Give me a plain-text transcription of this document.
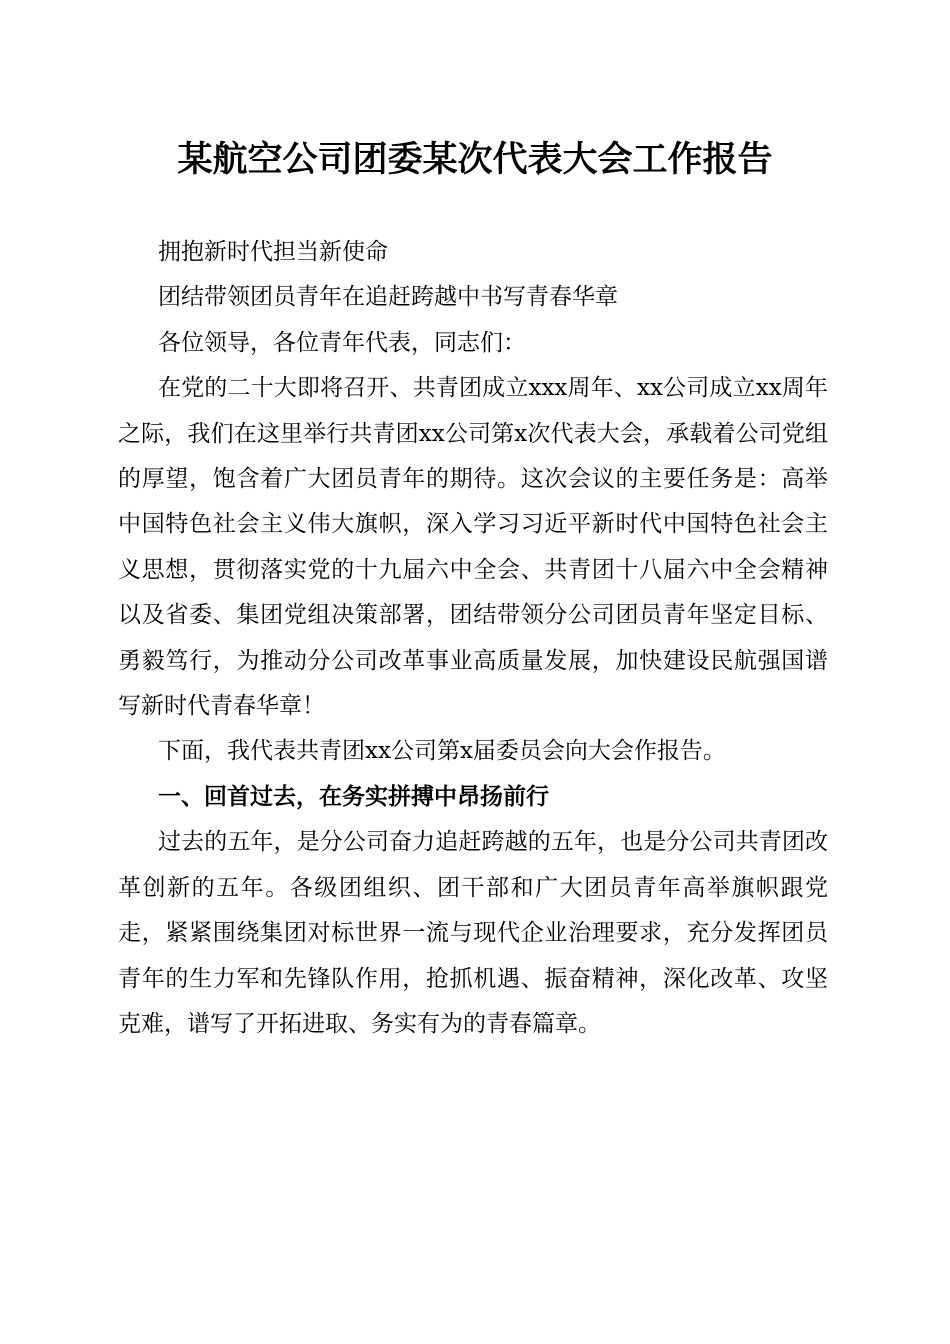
某航空公司团委某次代表大会工作报告

拥抱新时代担当新使命

团结带领团员青年在追赶跨越中书写青春华章

各位领导，各位青年代表，同志们：

在党的二十大即将召开、共青团成立xxx周年、xx公司成立xx周年之际，我们在这里举行共青团xx公司第x次代表大会，承载着公司党组的厚望，饱含着广大团员青年的期待。这次会议的主要任务是：高举中国特色社会主义伟大旗帜，深入学习习近平新时代中国特色社会主义思想，贯彻落实党的十九届六中全会、共青团十八届六中全会精神以及省委、集团党组决策部署，团结带领分公司团员青年坚定目标、勇毅笃行，为推动分公司改革事业高质量发展，加快建设民航强国谱写新时代青春华章！

下面，我代表共青团xx公司第x届委员会向大会作报告。

一、回首过去，在务实拼搏中昂扬前行

过去的五年，是分公司奋力追赶跨越的五年，也是分公司共青团改革创新的五年。各级团组织、团干部和广大团员青年高举旗帜跟党走，紧紧围绕集团对标世界一流与现代企业治理要求，充分发挥团员青年的生力军和先锋队作用，抢抓机遇、振奋精神，深化改革、攻坚克难，谱写了开拓进取、务实有为的青春篇章。
